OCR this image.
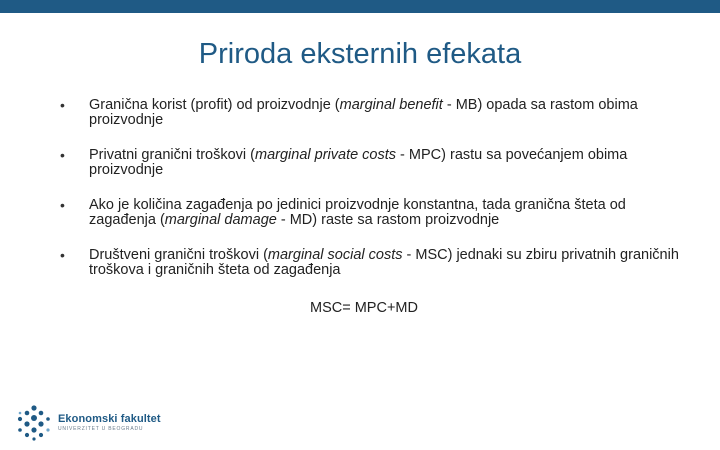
Priroda eksternih efekata
• Granična korist (profit) od proizvodnje (marginal benefit - MB) opada sa rastom obima proizvodnje
• Privatni granični troškovi (marginal private costs - MPC) rastu sa povećanjem obima proizvodnje
• Ako je količina zagađenja po jedinici proizvodnje konstantna, tada granična šteta od zagađenja (marginal damage - MD) raste sa rastom proizvodnje
• Društveni granični troškovi (marginal social costs - MSC) jednaki su zbiru privatnih graničnih troškova i graničnih šteta od zagađenja
MSC= MPC+MD
Ekonomski fakultet
UNIVERZITET U BEOGRADU
